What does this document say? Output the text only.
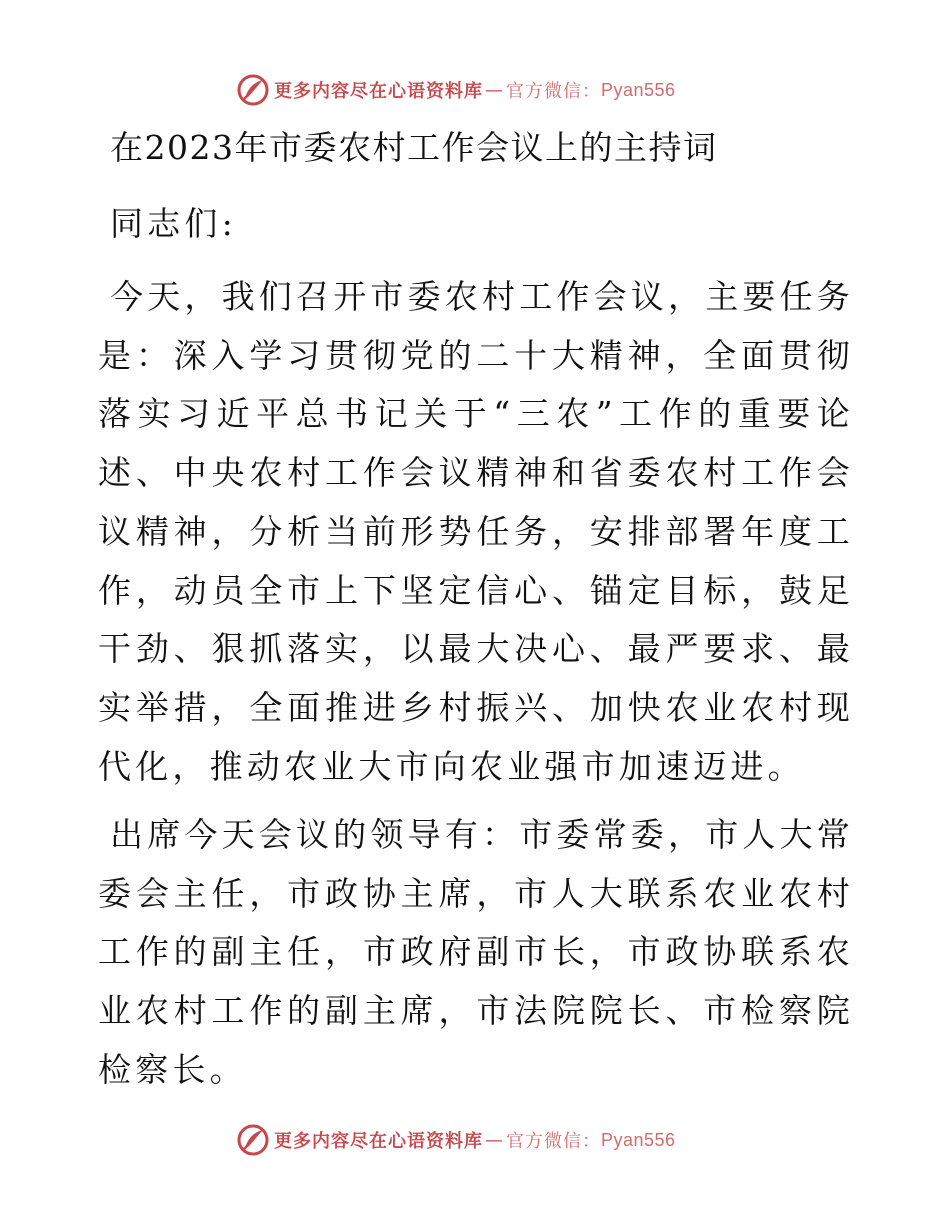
更多内容尽在心语资料库 — 官方微信： Pyan556
在2023年市委农村工作会议上的主持词
同志们:
今天，我们召开市委农村工作会议，主要任务是：深入学习贯彻党的二十大精神，全面贯彻落实习近平总书记关于“三农”工作的重要论述、中央农村工作会议精神和省委农村工作会议精神，分析当前形势任务，安排部署年度工作，动员全市上下坚定信心、锚定目标，鼓足干劲、狠抓落实，以最大决心、最严要求、最实举措，全面推进乡村振兴、加快农业农村现代化，推动农业大市向农业强市加速迈进。
出席今天会议的领导有：市委常委，市人大常委会主任，市政协主席，市人大联系农业农村工作的副主任，市政府副市长，市政协联系农业农村工作的副主席，市法院院长、市检察院检察长。
更多内容尽在心语资料库 — 官方微信： Pyan556
